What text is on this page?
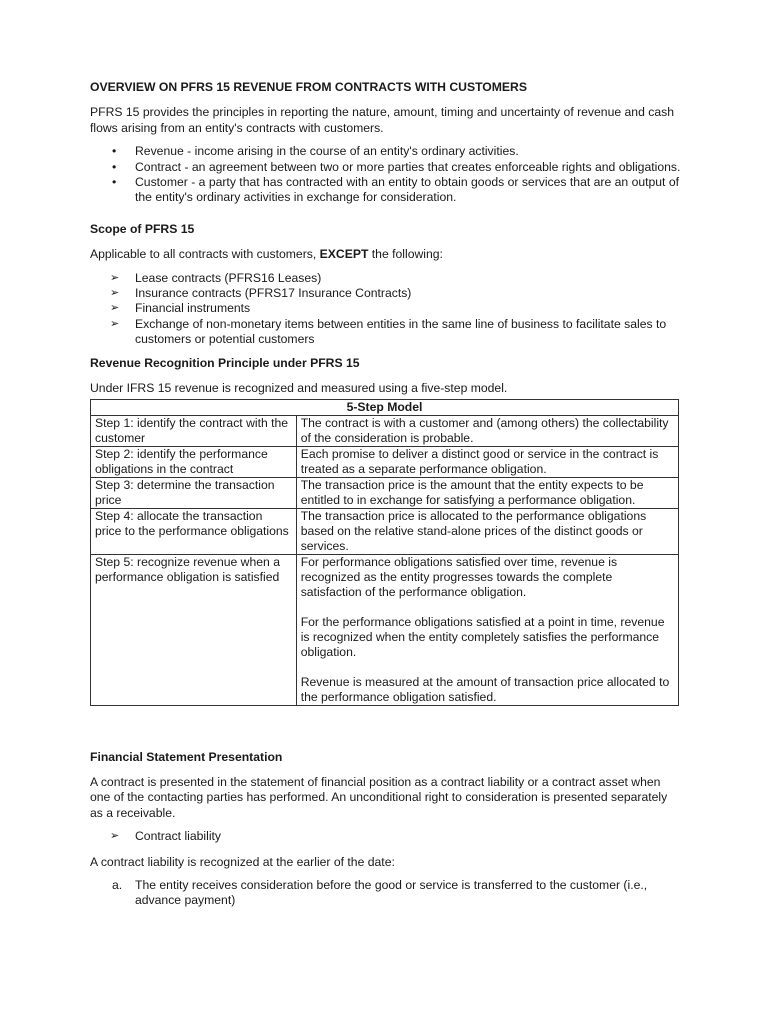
OVERVIEW ON PFRS 15 REVENUE FROM CONTRACTS WITH CUSTOMERS

PFRS 15 provides the principles in reporting the nature, amount, timing and uncertainty of revenue and cash flows arising from an entity's contracts with customers.

• Revenue - income arising in the course of an entity's ordinary activities.
• Contract - an agreement between two or more parties that creates enforceable rights and obligations.
• Customer - a party that has contracted with an entity to obtain goods or services that are an output of the entity's ordinary activities in exchange for consideration.
Scope of PFRS 15

Applicable to all contracts with customers, EXCEPT the following:

➢ Lease contracts (PFRS16 Leases)
➢ Insurance contracts (PFRS17 Insurance Contracts)
➢ Financial instruments
➢ Exchange of non-monetary items between entities in the same line of business to facilitate sales to customers or potential customers
Revenue Recognition Principle under PFRS 15

Under IFRS 15 revenue is recognized and measured using a five-step model.

5-Step Model	
Step 1: identify the contract with the customer	The contract is with a customer and (among others) the collectability of the consideration is probable.

Step 2: identify the performance obligations in the contract	Each promise to deliver a distinct good or service in the contract is treated as a separate performance obligation.

Step 3: determine the transaction price	The transaction price is the amount that the entity expects to be entitled to in exchange for satisfying a performance obligation.

Step 4: allocate the transaction price to the performance obligations	The transaction price is allocated to the performance obligations based on the relative stand-alone prices of the distinct goods or services.

Step 5: recognize revenue when a performance obligation is satisfied	For performance obligations satisfied over time, revenue is recognized as the entity progresses towards the complete satisfaction of the performance obligation.

For the performance obligations satisfied at a point in time, revenue is recognized when the entity completely satisfies the performance obligation.

Revenue is measured at the amount of transaction price allocated to the performance obligation satisfied.

Financial Statement Presentation

A contract is presented in the statement of financial position as a contract liability or a contract asset when one of the contacting parties has performed. An unconditional right to consideration is presented separately as a receivable.

➢ Contract liability

A contract liability is recognized at the earlier of the date:

a. The entity receives consideration before the good or service is transferred to the customer (i.e., advance payment)
